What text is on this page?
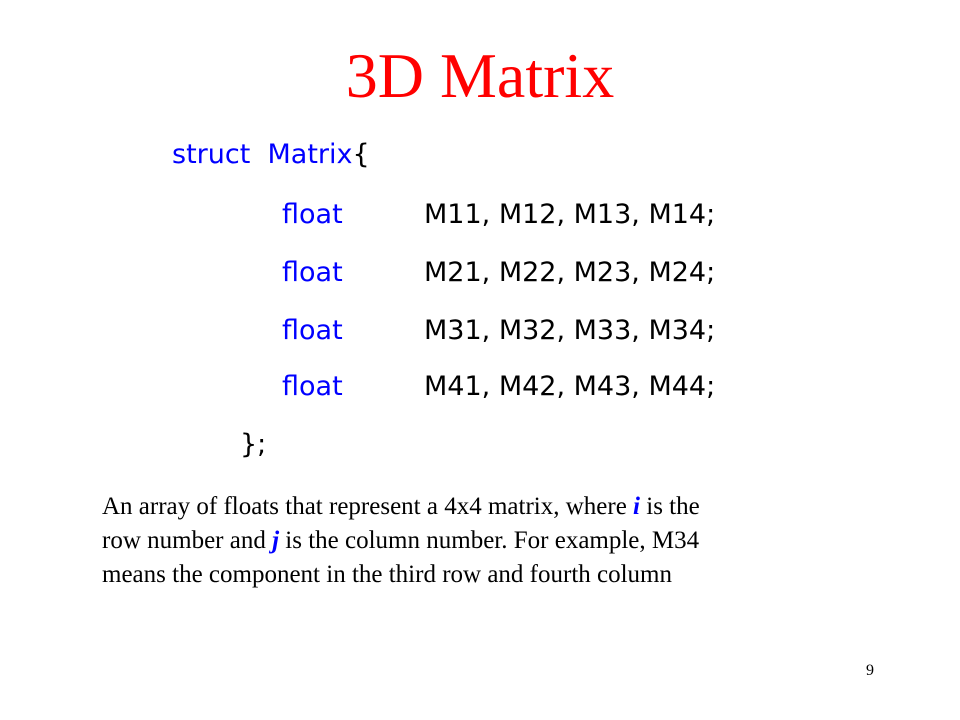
3D Matrix
struct Matrix{
float	M11, M12, M13, M14;
float	M21, M22, M23, M24;
float	M31, M32, M33, M34;
float	M41, M42, M43, M44;
};
An array of floats that represent a 4x4 matrix, where i is the
row number and j is the column number. For example, M34
means the component in the third row and fourth column
9
